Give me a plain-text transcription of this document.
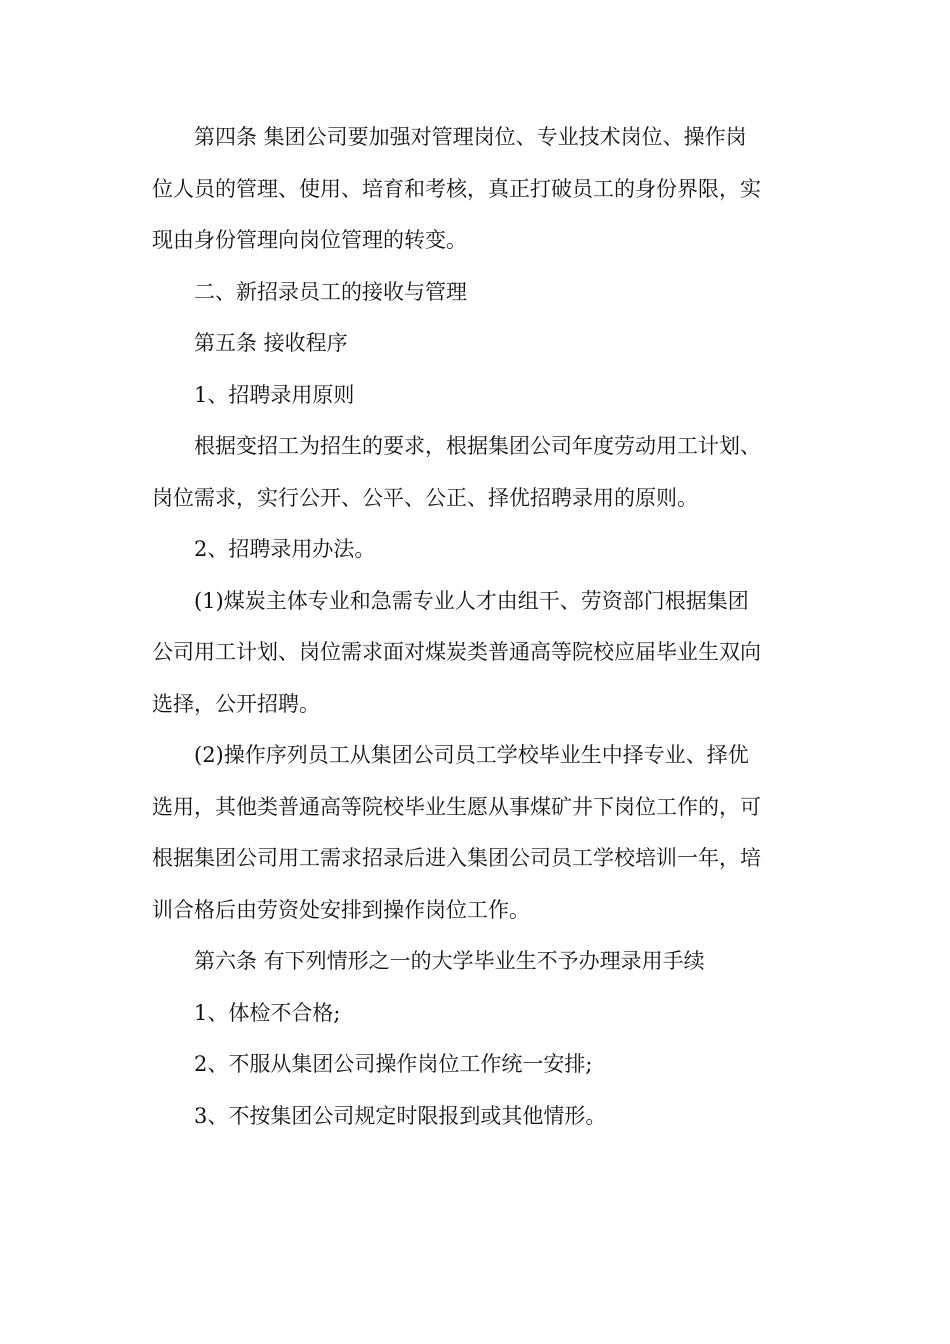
第四条 集团公司要加强对管理岗位、专业技术岗位、操作岗
位人员的管理、使用、培育和考核，真正打破员工的身份界限，实
现由身份管理向岗位管理的转变。

二、新招录员工的接收与管理

第五条 接收程序

1、招聘录用原则

根据变招工为招生的要求，根据集团公司年度劳动用工计划、
岗位需求，实行公开、公平、公正、择优招聘录用的原则。

2、招聘录用办法。

(1)煤炭主体专业和急需专业人才由组干、劳资部门根据集团
公司用工计划、岗位需求面对煤炭类普通高等院校应届毕业生双向
选择，公开招聘。

(2)操作序列员工从集团公司员工学校毕业生中择专业、择优
选用，其他类普通高等院校毕业生愿从事煤矿井下岗位工作的，可
根据集团公司用工需求招录后进入集团公司员工学校培训一年，培
训合格后由劳资处安排到操作岗位工作。

第六条 有下列情形之一的大学毕业生不予办理录用手续

1、体检不合格;

2、不服从集团公司操作岗位工作统一安排;

3、不按集团公司规定时限报到或其他情形。
